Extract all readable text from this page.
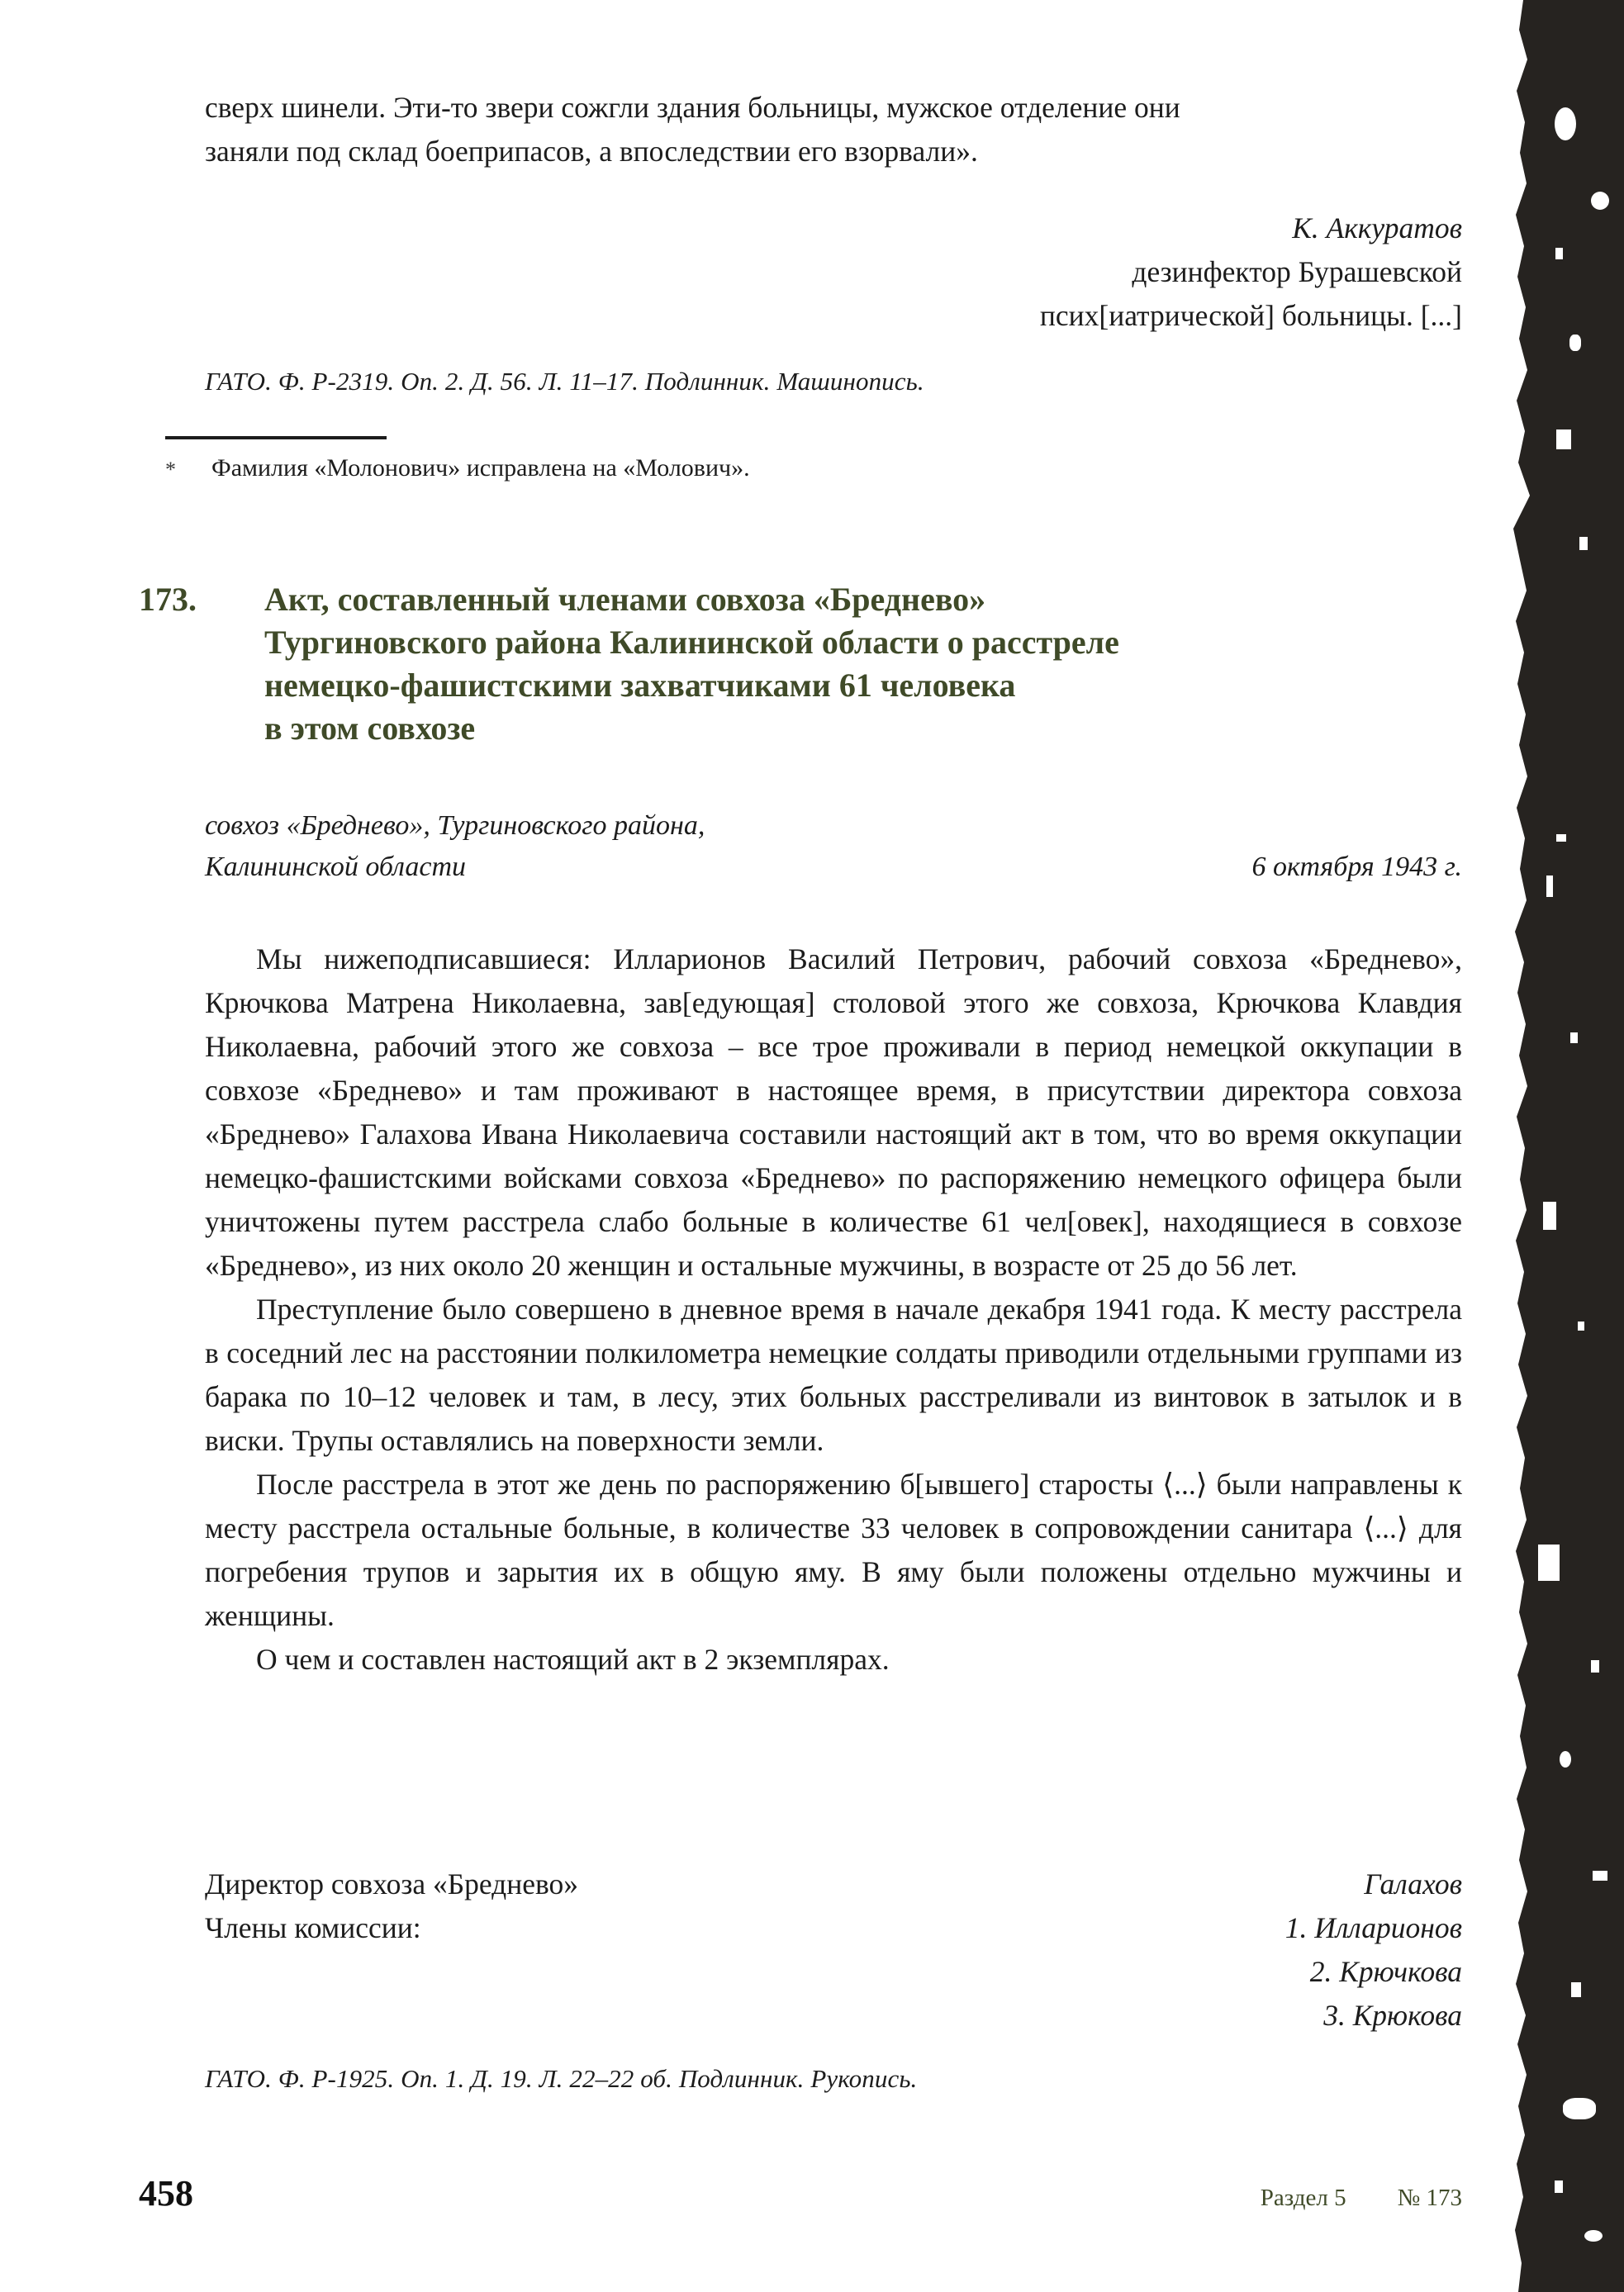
сверх шинели. Эти-то звери сожгли здания больницы, мужское отделение они

заняли под склад боеприпасов, а впоследствии его взорвали».

К. Аккуратов
дезинфектор Бурашевской
псих[иатрической] больницы. [...]
ГАТО. Ф. Р-2319. Оп. 2. Д. 56. Л. 11–17. Подлинник. Машинопись.
* Фамилия «Молонович» исправлена на «Молович».
173.	Акт, составленный членами совхоза «Бреднево»
Тургиновского района Калининской области о расстреле
немецко-фашистскими захватчиками 61 человека
в этом совхозе
совхоз «Бреднево», Тургиновского района,
Калининской области	6 октября 1943 г.

Мы нижеподписавшиеся: Илларионов Василий Петрович, рабочий совхоза «Бреднево», Крючкова Матрена Николаевна, зав[едующая] столовой этого же совхоза, Крючкова Клавдия Николаевна, рабочий этого же совхоза – все трое проживали в период немецкой оккупации в совхозе «Бреднево» и там проживают в настоящее время, в присутствии директора совхоза «Бреднево» Галахова Ивана Николаевича составили настоящий акт в том, что во время оккупации немецко-фашистскими войсками совхоза «Бреднево» по распоряжению немецкого офицера были уничтожены путем расстрела слабо больные в количестве 61 чел[овек], находящиеся в совхозе «Бреднево», из них около 20 женщин и остальные мужчины, в возрасте от 25 до 56 лет.

Преступление было совершено в дневное время в начале декабря 1941 года. К месту расстрела в соседний лес на расстоянии полкилометра немецкие солдаты приводили отдельными группами из барака по 10–12 человек и там, в лесу, этих больных расстреливали из винтовок в затылок и в виски. Трупы оставлялись на поверхности земли.

После расстрела в этот же день по распоряжению б[ывшего] старосты ⟨...⟩ были направлены к месту расстрела остальные больные, в количестве 33 человек в сопровождении санитара ⟨...⟩ для погребения трупов и зарытия их в общую яму. В яму были положены отдельно мужчины и женщины.

О чем и составлен настоящий акт в 2 экземплярах.

Директор совхоза «Бреднево»	Галахов
Члены комиссии:	1. Илларионов
2. Крючкова
3. Крюкова
ГАТО. Ф. Р-1925. Оп. 1. Д. 19. Л. 22–22 об. Подлинник. Рукопись.
458	Раздел 5 № 173
